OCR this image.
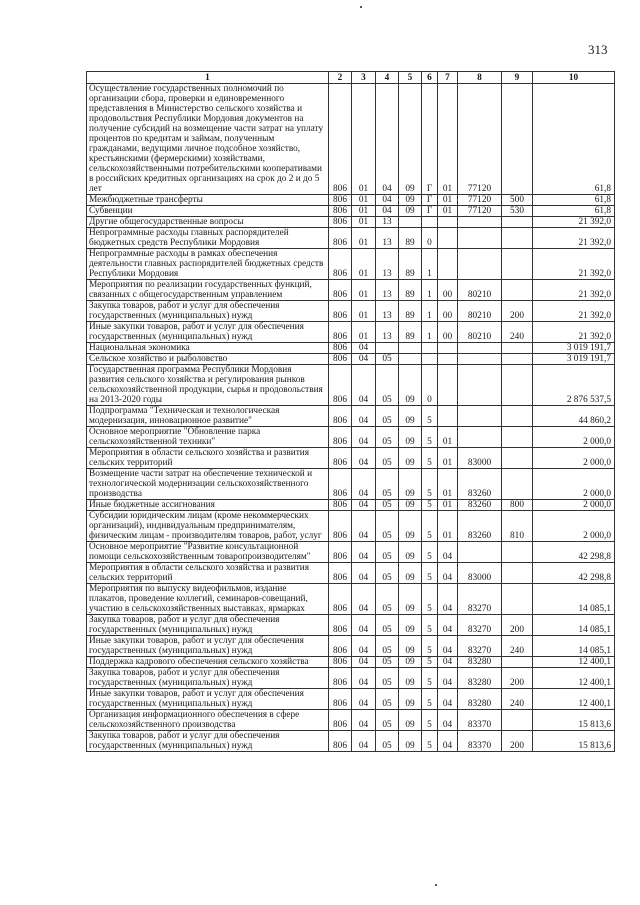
313
1	2	3	4	5	6	7	8	9	10
Осуществление государственных полномочий по организации сбора, проверки и единовременного представления в Министерство сельского хозяйства и продовольствия Республики Мордовия документов на получение субсидий на возмещение части затрат на уплату процентов по кредитам и займам, полученным гражданами, ведущими личное подсобное хозяйство, крестьянскими (фермерскими) хозяйствами, сельскохозяйственными потребительскими кооперативами в российских кредитных организациях на срок до 2 и до 5 лет	806	01	04	09	Г	01	77120		61,8
Межбюджетные трансферты	806	01	04	09	Г	01	77120	500	61,8
Субвенции	806	01	04	09	Г	01	77120	530	61,8
Другие общегосударственные вопросы	806	01	13						21 392,0
Непрограммные расходы главных распорядителей бюджетных средств Республики Мордовия	806	01	13	89	0				21 392,0
Непрограммные расходы в рамках обеспечения деятельности главных распорядителей бюджетных средств Республики Мордовия	806	01	13	89	1				21 392,0
Мероприятия по реализации государственных функций, связанных с общегосударственным управлением	806	01	13	89	1	00	80210		21 392,0
Закупка товаров, работ и услуг для обеспечения государственных (муниципальных) нужд	806	01	13	89	1	00	80210	200	21 392,0
Иные закупки товаров, работ и услуг для обеспечения государственных (муниципальных) нужд	806	01	13	89	1	00	80210	240	21 392,0
Национальная экономика	806	04							3 019 191,7
Сельское хозяйство и рыболовство	806	04	05						3 019 191,7
Государственная программа Республики Мордовия развития сельского хозяйства и регулирования рынков сельскохозяйственной продукции, сырья и продовольствия на 2013-2020 годы	806	04	05	09	0				2 876 537,5
Подпрограмма "Техническая и технологическая модернизация, инновационное развитие"	806	04	05	09	5				44 860,2
Основное мероприятие "Обновление парка сельскохозяйственной техники"	806	04	05	09	5	01			2 000,0
Мероприятия в области сельского хозяйства и развития сельских территорий	806	04	05	09	5	01	83000		2 000,0
Возмещение части затрат на обеспечение технической и технологической модернизации сельскохозяйственного производства	806	04	05	09	5	01	83260		2 000,0
Иные бюджетные ассигнования	806	04	05	09	5	01	83260	800	2 000,0
Субсидии юридическим лицам (кроме некоммерческих организаций), индивидуальным предпринимателям, физическим лицам - производителям товаров, работ, услуг	806	04	05	09	5	01	83260	810	2 000,0
Основное мероприятие "Развитие консультационной помощи сельскохозяйственным товаропроизводителям"	806	04	05	09	5	04			42 298,8
Мероприятия в области сельского хозяйства и развития сельских территорий	806	04	05	09	5	04	83000		42 298,8
Мероприятия по выпуску видеофильмов, издание плакатов, проведение коллегий, семинаров-совещаний, участию в сельскохозяйственных выставках, ярмарках	806	04	05	09	5	04	83270		14 085,1
Закупка товаров, работ и услуг для обеспечения государственных (муниципальных) нужд	806	04	05	09	5	04	83270	200	14 085,1
Иные закупки товаров, работ и услуг для обеспечения государственных (муниципальных) нужд	806	04	05	09	5	04	83270	240	14 085,1
Поддержка кадрового обеспечения сельского хозяйства	806	04	05	09	5	04	83280		12 400,1
Закупка товаров, работ и услуг для обеспечения государственных (муниципальных) нужд	806	04	05	09	5	04	83280	200	12 400,1
Иные закупки товаров, работ и услуг для обеспечения государственных (муниципальных) нужд	806	04	05	09	5	04	83280	240	12 400,1
Организация информационного обеспечения в сфере сельскохозяйственного производства	806	04	05	09	5	04	83370		15 813,6
Закупка товаров, работ и услуг для обеспечения государственных (муниципальных) нужд	806	04	05	09	5	04	83370	200	15 813,6
